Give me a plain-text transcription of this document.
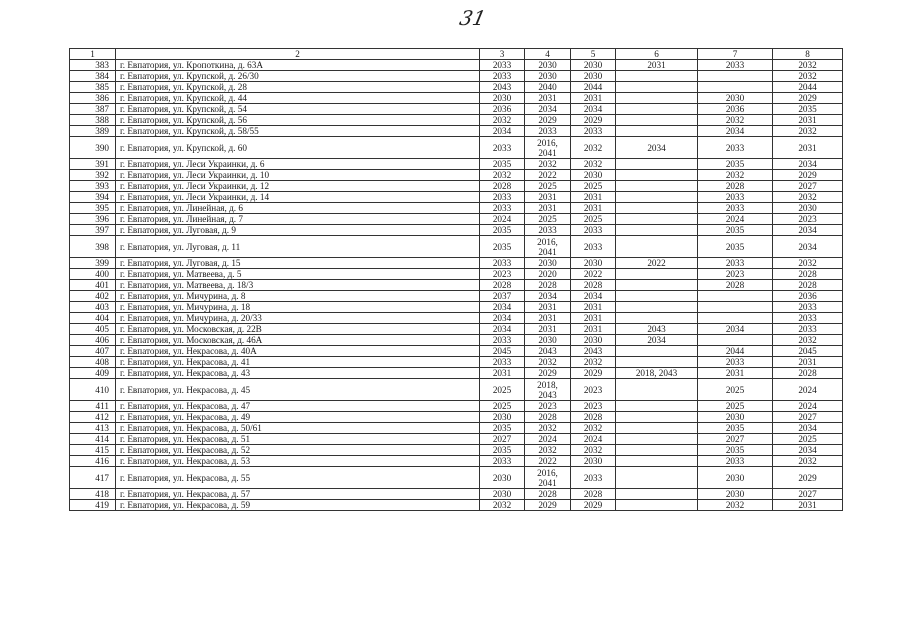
31
1	2	3	4	5	6	7	8
383	г. Евпатория, ул. Кропоткина, д. 63А	2033	2030	2030	2031	2033	2032
384	г. Евпатория, ул. Крупской, д. 26/30	2033	2030	2030			2032
385	г. Евпатория, ул. Крупской, д. 28	2043	2040	2044			2044
386	г. Евпатория, ул. Крупской, д. 44	2030	2031	2031		2030	2029
387	г. Евпатория, ул. Крупской, д. 54	2036	2034	2034		2036	2035
388	г. Евпатория, ул. Крупской, д. 56	2032	2029	2029		2032	2031
389	г. Евпатория, ул. Крупской, д. 58/55	2034	2033	2033		2034	2032
390	г. Евпатория, ул. Крупской, д. 60	2033	2016, 2041	2032	2034	2033	2031
391	г. Евпатория, ул. Леси Украинки, д. 6	2035	2032	2032		2035	2034
392	г. Евпатория, ул. Леси Украинки, д. 10	2032	2022	2030		2032	2029
393	г. Евпатория, ул. Леси Украинки, д. 12	2028	2025	2025		2028	2027
394	г. Евпатория, ул. Леси Украинки, д. 14	2033	2031	2031		2033	2032
395	г. Евпатория, ул. Линейная, д. 6	2033	2031	2031		2033	2030
396	г. Евпатория, ул. Линейная, д. 7	2024	2025	2025		2024	2023
397	г. Евпатория, ул. Луговая, д. 9	2035	2033	2033		2035	2034
398	г. Евпатория, ул. Луговая, д. 11	2035	2016, 2041	2033		2035	2034
399	г. Евпатория, ул. Луговая, д. 15	2033	2030	2030	2022	2033	2032
400	г. Евпатория, ул. Матвеева, д. 5	2023	2020	2022		2023	2028
401	г. Евпатория, ул. Матвеева, д. 18/3	2028	2028	2028		2028	2028
402	г. Евпатория, ул. Мичурина, д. 8	2037	2034	2034			2036
403	г. Евпатория, ул. Мичурина, д. 18	2034	2031	2031			2033
404	г. Евпатория, ул. Мичурина, д. 20/33	2034	2031	2031			2033
405	г. Евпатория, ул. Московская, д. 22В	2034	2031	2031	2043	2034	2033
406	г. Евпатория, ул. Московская, д. 46А	2033	2030	2030	2034		2032
407	г. Евпатория, ул. Некрасова, д. 40А	2045	2043	2043		2044	2045
408	г. Евпатория, ул. Некрасова, д. 41	2033	2032	2032		2033	2031
409	г. Евпатория, ул. Некрасова, д. 43	2031	2029	2029	2018, 2043	2031	2028
410	г. Евпатория, ул. Некрасова, д. 45	2025	2018, 2043	2023		2025	2024
411	г. Евпатория, ул. Некрасова, д. 47	2025	2023	2023		2025	2024
412	г. Евпатория, ул. Некрасова, д. 49	2030	2028	2028		2030	2027
413	г. Евпатория, ул. Некрасова, д. 50/61	2035	2032	2032		2035	2034
414	г. Евпатория, ул. Некрасова, д. 51	2027	2024	2024		2027	2025
415	г. Евпатория, ул. Некрасова, д. 52	2035	2032	2032		2035	2034
416	г. Евпатория, ул. Некрасова, д. 53	2033	2022	2030		2033	2032
417	г. Евпатория, ул. Некрасова, д. 55	2030	2016, 2041	2033		2030	2029
418	г. Евпатория, ул. Некрасова, д. 57	2030	2028	2028		2030	2027
419	г. Евпатория, ул. Некрасова, д. 59	2032	2029	2029		2032	2031
